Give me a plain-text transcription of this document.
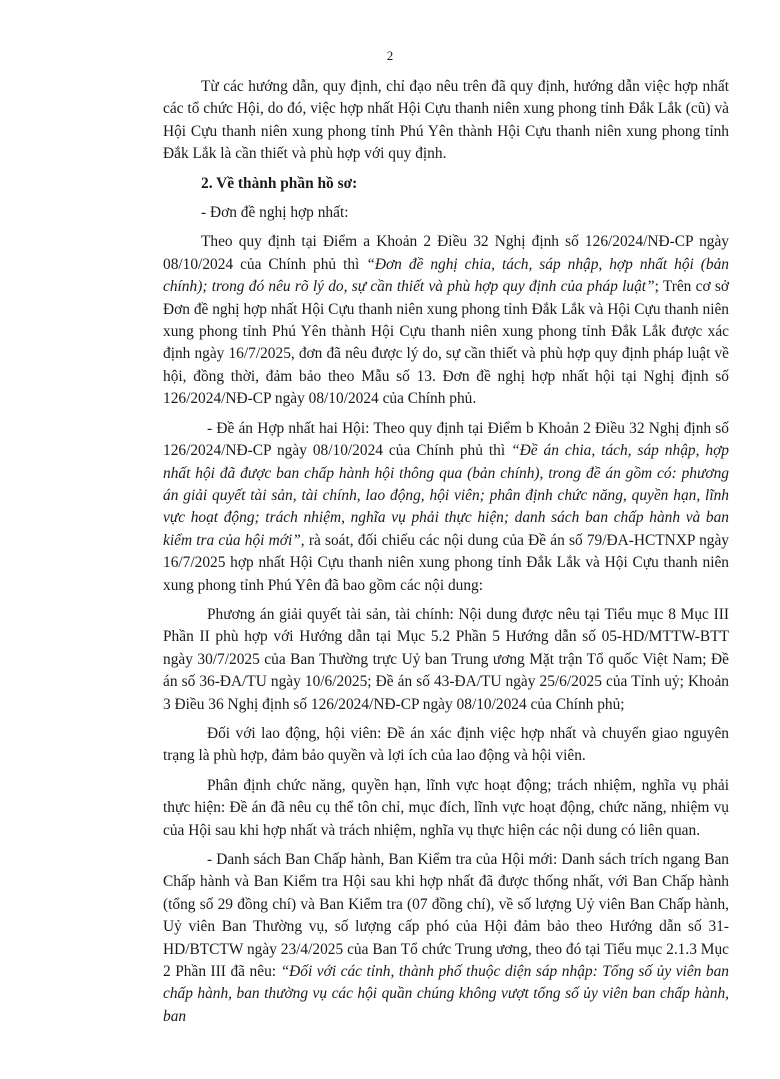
2

Từ các hướng dẫn, quy định, chỉ đạo nêu trên đã quy định, hướng dẫn việc hợp nhất các tổ chức Hội, do đó, việc hợp nhất Hội Cựu thanh niên xung phong tỉnh Đắk Lắk (cũ) và Hội Cựu thanh niên xung phong tỉnh Phú Yên thành Hội Cựu thanh niên xung phong tỉnh Đắk Lắk là cần thiết và phù hợp với quy định.

2. Về thành phần hồ sơ:

- Đơn đề nghị hợp nhất:

Theo quy định tại Điểm a Khoản 2 Điều 32 Nghị định số 126/2024/NĐ-CP ngày 08/10/2024 của Chính phủ thì “Đơn đề nghị chia, tách, sáp nhập, hợp nhất hội (bản chính); trong đó nêu rõ lý do, sự cần thiết và phù hợp quy định của pháp luật”; Trên cơ sở Đơn đề nghị hợp nhất Hội Cựu thanh niên xung phong tỉnh Đắk Lắk và Hội Cựu thanh niên xung phong tỉnh Phú Yên thành Hội Cựu thanh niên xung phong tỉnh Đắk Lắk được xác định ngày 16/7/2025, đơn đã nêu được lý do, sự cần thiết và phù hợp quy định pháp luật về hội, đồng thời, đảm bảo theo Mẫu số 13. Đơn đề nghị hợp nhất hội tại Nghị định số 126/2024/NĐ-CP ngày 08/10/2024 của Chính phủ.

- Đề án Hợp nhất hai Hội: Theo quy định tại Điểm b Khoản 2 Điều 32 Nghị định số 126/2024/NĐ-CP ngày 08/10/2024 của Chính phủ thì “Đề án chia, tách, sáp nhập, hợp nhất hội đã được ban chấp hành hội thông qua (bản chính), trong đề án gồm có: phương án giải quyết tài sản, tài chính, lao động, hội viên; phân định chức năng, quyền hạn, lĩnh vực hoạt động; trách nhiệm, nghĩa vụ phải thực hiện; danh sách ban chấp hành và ban kiểm tra của hội mới”, rà soát, đối chiếu các nội dung của Đề án số 79/ĐA-HCTNXP ngày 16/7/2025 hợp nhất Hội Cựu thanh niên xung phong tỉnh Đắk Lắk và Hội Cựu thanh niên xung phong tỉnh Phú Yên đã bao gồm các nội dung:

Phương án giải quyết tài sản, tài chính: Nội dung được nêu tại Tiểu mục 8 Mục III Phần II phù hợp với Hướng dẫn tại Mục 5.2 Phần 5 Hướng dẫn số 05-HD/MTTW-BTT ngày 30/7/2025 của Ban Thường trực Uỷ ban Trung ương Mặt trận Tổ quốc Việt Nam; Đề án số 36-ĐA/TU ngày 10/6/2025; Đề án số 43-ĐA/TU ngày 25/6/2025 của Tỉnh uỷ; Khoản 3 Điều 36 Nghị định số 126/2024/NĐ-CP ngày 08/10/2024 của Chính phủ;

Đối với lao động, hội viên: Đề án xác định việc hợp nhất và chuyển giao nguyên trạng là phù hợp, đảm bảo quyền và lợi ích của lao động và hội viên.

Phân định chức năng, quyền hạn, lĩnh vực hoạt động; trách nhiệm, nghĩa vụ phải thực hiện: Đề án đã nêu cụ thể tôn chỉ, mục đích, lĩnh vực hoạt động, chức năng, nhiệm vụ của Hội sau khi hợp nhất và trách nhiệm, nghĩa vụ thực hiện các nội dung có liên quan.

- Danh sách Ban Chấp hành, Ban Kiểm tra của Hội mới: Danh sách trích ngang Ban Chấp hành và Ban Kiểm tra Hội sau khi hợp nhất đã được thống nhất, với Ban Chấp hành (tổng số 29 đồng chí) và Ban Kiểm tra (07 đồng chí), về số lượng Uỷ viên Ban Chấp hành, Uỷ viên Ban Thường vụ, số lượng cấp phó của Hội đảm bảo theo Hướng dẫn số 31-HD/BTCTW ngày 23/4/2025 của Ban Tổ chức Trung ương, theo đó tại Tiểu mục 2.1.3 Mục 2 Phần III đã nêu: “Đối với các tỉnh, thành phố thuộc diện sáp nhập: Tổng số ủy viên ban chấp hành, ban thường vụ các hội quần chúng không vượt tổng số ủy viên ban chấp hành, ban
